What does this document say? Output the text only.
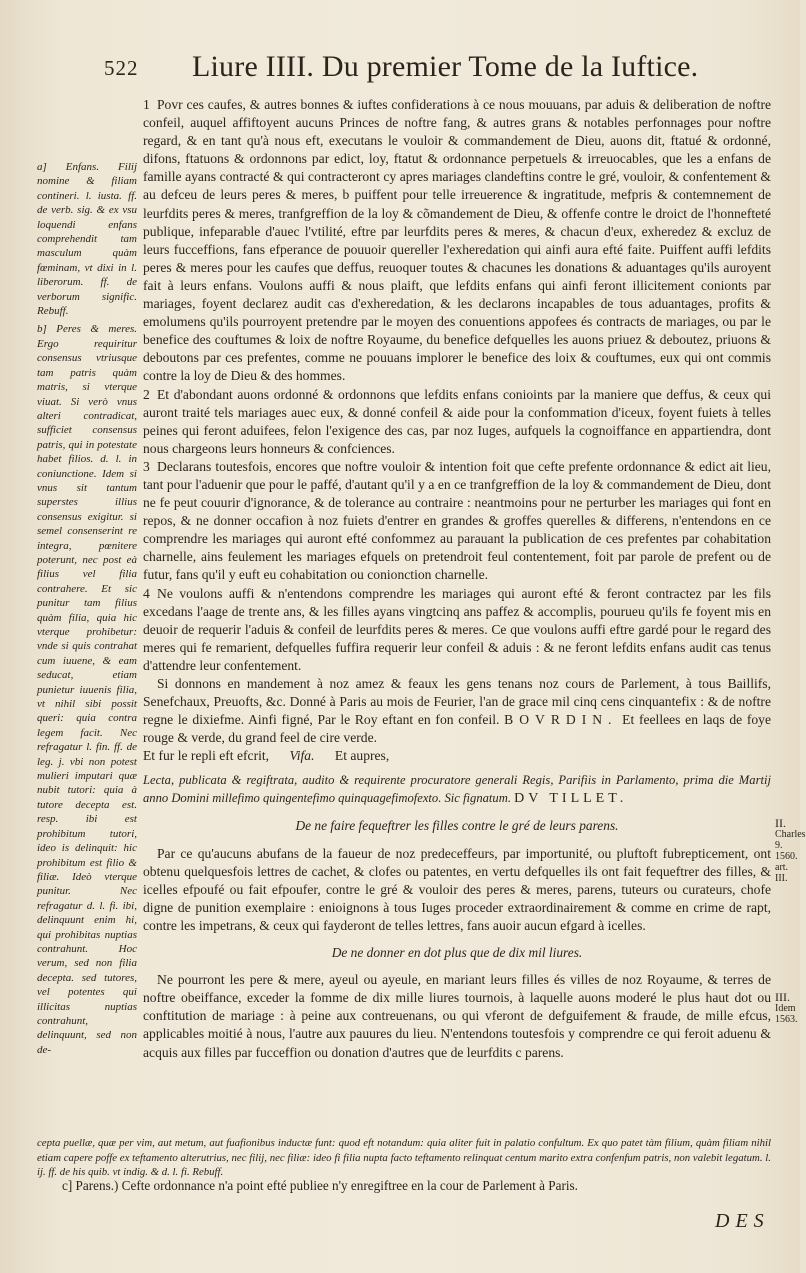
522 Liure IIII. Du premier Tome de la Iuftice.

a] Enfans. Filij nomine & filiam contineri. l. iusta. ff. de verb. sig. & ex vsu loquendi enfans comprehendit tam masculum quàm fœminam, vt dixi in l. liberorum. ff. de verborum signific. Rebuff.

b] Peres & meres. Ergo requiritur consensus vtriusque tam patris quàm matris, si vterque viuat. Si verò vnus alteri contradicat, sufficiet consensus patris, qui in potestate habet filios. d. l. in coniunctione. Idem si vnus sit tantum superstes illius consensus exigitur. si semel consenserint re integra, pœnitere poterunt, nec post eà filius vel filia contrahere. Et sic punitur tam filius quàm filia, quia hic vterque prohibetur: vnde si quis contrahat cum iuuene, & eam seducat, etiam punietur iuuenis filia, vt nihil sibi possit queri: quia contra legem facit. Nec refragatur l. fin. ff. de leg. j. vbi non potest mulieri imputari quæ nubit tutori: quia à tutore decepta est. resp. ibi est prohibitum tutori, ideo is delinquit: hic prohibitum est filio & filiæ. Ideò vterque punitur. Nec refragatur d. l. fi. ibi, delinquunt enim hi, qui prohibitas nuptias contrahunt. Hoc verum, sed non filia decepta. sed tutores, vel potentes qui illicitas nuptias contrahunt, delinquunt, sed non de-

1 Povr ces caufes, & autres bonnes & iuftes confiderations à ce nous mouuans, par aduis & deliberation de noftre confeil, auquel affiftoyent aucuns Princes de noftre fang, & autres grans & notables perfonnages pour noftre regard, & en tant qu'à nous eft, executans le vouloir & commandement de Dieu, auons dit, ftatué & ordonné, difons, ftatuons & ordonnons par edict, loy, ftatut & ordonnance perpetuels & irreuocables, que les a enfans de famille ayans contracté & qui contracteront cy apres mariages clandeftins contre le gré, vouloir, & confentement & au defceu de leurs peres & meres, b puiffent pour telle irreuerence & ingratitude, mefpris & contemnement de leurfdits peres & meres, tranfgreffion de la loy & cõmandement de Dieu, & offenfe contre le droict de l'honnefteté publique, infeparable d'auec l'vtilité, eftre par leurfdits peres & meres, & chacun d'eux, exheredez & excluz de leurs fucceffions, fans efperance de pouuoir quereller l'exheredation qui ainfi aura efté faite. Puiffent auffi lefdits peres & meres pour les caufes que deffus, reuoquer toutes & chacunes les donations & aduantages qu'ils auroyent fait à leurs enfans. Voulons auffi & nous plaift, que lefdits enfans qui ainfi feront illicitement conionts par mariages, foyent declarez audit cas d'exheredation, & les declarons incapables de tous aduantages, profits & emolumens qu'ils pourroyent pretendre par le moyen des conuentions appofees és contracts de mariages, ou par le benefice des couftumes & loix de noftre Royaume, du benefice defquelles les auons priuez & deboutez, priuons & deboutons par ces prefentes, comme ne pouuans implorer le benefice des loix & couftumes, eux qui ont commis contre la loy de Dieu & des hommes.

2 Et d'abondant auons ordonné & ordonnons que lefdits enfans conioints par la maniere que deffus, & ceux qui auront traité tels mariages auec eux, & donné confeil & aide pour la confommation d'iceux, foyent fuiets à telles peines qui feront aduifees, felon l'exigence des cas, par noz Iuges, aufquels la cognoiffance en appartiendra, dont nous chargeons leurs honneurs & confciences.

3 Declarans toutesfois, encores que noftre vouloir & intention foit que cefte prefente ordonnance & edict ait lieu, tant pour l'aduenir que pour le paffé, d'autant qu'il y a en ce tranfgreffion de la loy & commandement de Dieu, dont ne fe peut couurir d'ignorance, & de tolerance au contraire : neantmoins pour ne perturber les mariages qui font en repos, & ne donner occafion à noz fuiets d'entrer en grandes & groffes querelles & differens, n'entendons en ce comprendre les mariages qui auront efté confommez au parauant la publication de ces prefentes par cohabitation charnelle, ains feulement les mariages efquels on pretendroit feul contentement, foit par parole de prefent ou de futur, fans qu'il y euft eu cohabitation ou conionction charnelle.

4 Ne voulons auffi & n'entendons comprendre les mariages qui auront efté & feront contractez par les fils excedans l'aage de trente ans, & les filles ayans vingtcinq ans paffez & accomplis, pourueu qu'ils fe foyent mis en deuoir de requerir l'aduis & confeil de leurfdits peres & meres. Ce que voulons auffi eftre gardé pour le regard des meres qui fe remarient, defquelles fuffira requerir leur confeil & aduis : & ne feront lefdits enfans audit cas tenus d'attendre leur confentement.

Si donnons en mandement à noz amez & feaux les gens tenans noz cours de Parlement, à tous Baillifs, Senefchaux, Preuofts, &c. Donné à Paris au mois de Feurier, l'an de grace mil cinq cens cinquantefix : & de noftre regne le dixiefme. Ainfi figné, Par le Roy eftant en fon confeil. BOVRDIN. Et feellees en laqs de foye rouge & verde, du grand feel de cire verde.

Et fur le repli eft efcrit, Vifa. Et aupres,

Lecta, publicata & regiftrata, audito & requirente procuratore generali Regis, Parifiis in Parlamento, prima die Martij anno Domini millefimo quingentefimo quinquagefimofexto. Sic fignatum. DV TILLET.

De ne faire fequeftrer les filles contre le gré de leurs parens.

Par ce qu'aucuns abufans de la faueur de noz predeceffeurs, par importunité, ou pluftoft fubrepticement, ont obtenu quelquesfois lettres de cachet, & clofes ou patentes, en vertu defquelles ils ont fait fequeftrer des filles, & icelles efpoufé ou fait efpoufer, contre le gré & vouloir des peres & meres, parens, tuteurs ou curateurs, chofe digne de punition exemplaire : enioignons à tous Iuges proceder extraordinairement & comme en crime de rapt, contre les impetrans, & ceux qui fayderont de telles lettres, fans auoir aucun efgard à icelles.

De ne donner en dot plus que de dix mil liures.

Ne pourront les pere & mere, ayeul ou ayeule, en mariant leurs filles és villes de noz Royaume, & terres de noftre obeiffance, exceder la fomme de dix mille liures tournois, à laquelle auons moderé le plus haut dot ou conftitution de mariage : à peine aux contreuenans, ou qui vferont de defguifement & fraude, de mille efcus, applicables moitié à nous, l'autre aux pauures du lieu. N'entendons toutesfois y comprendre ce qui feroit aduenu & acquis aux filles par fucceffion ou donation d'autres que de leurfdits c parens.

cepta puellæ, quæ per vim, aut metum, aut fuafionibus inductæ funt: quod eft notandum: quia aliter fuit in palatio confultum. Ex quo patet tàm filium, quàm filiam nihil etiam capere poffe ex teftamento alterutrius, nec filij, nec filiæ: ideo fi filia nupta facto teftamento relinquat centum marito extra confenfum patris, non valebit legatum. l. ij. ff. de his quib. vt indig. & d. l. fi. Rebuff.

c] Parens.) Cefte ordonnance n'a point efté publiee n'y enregiftree en la cour de Parlement à Paris.
II.
Charles 9. 1560. art. III.
III.
Idem 1563.
DES
